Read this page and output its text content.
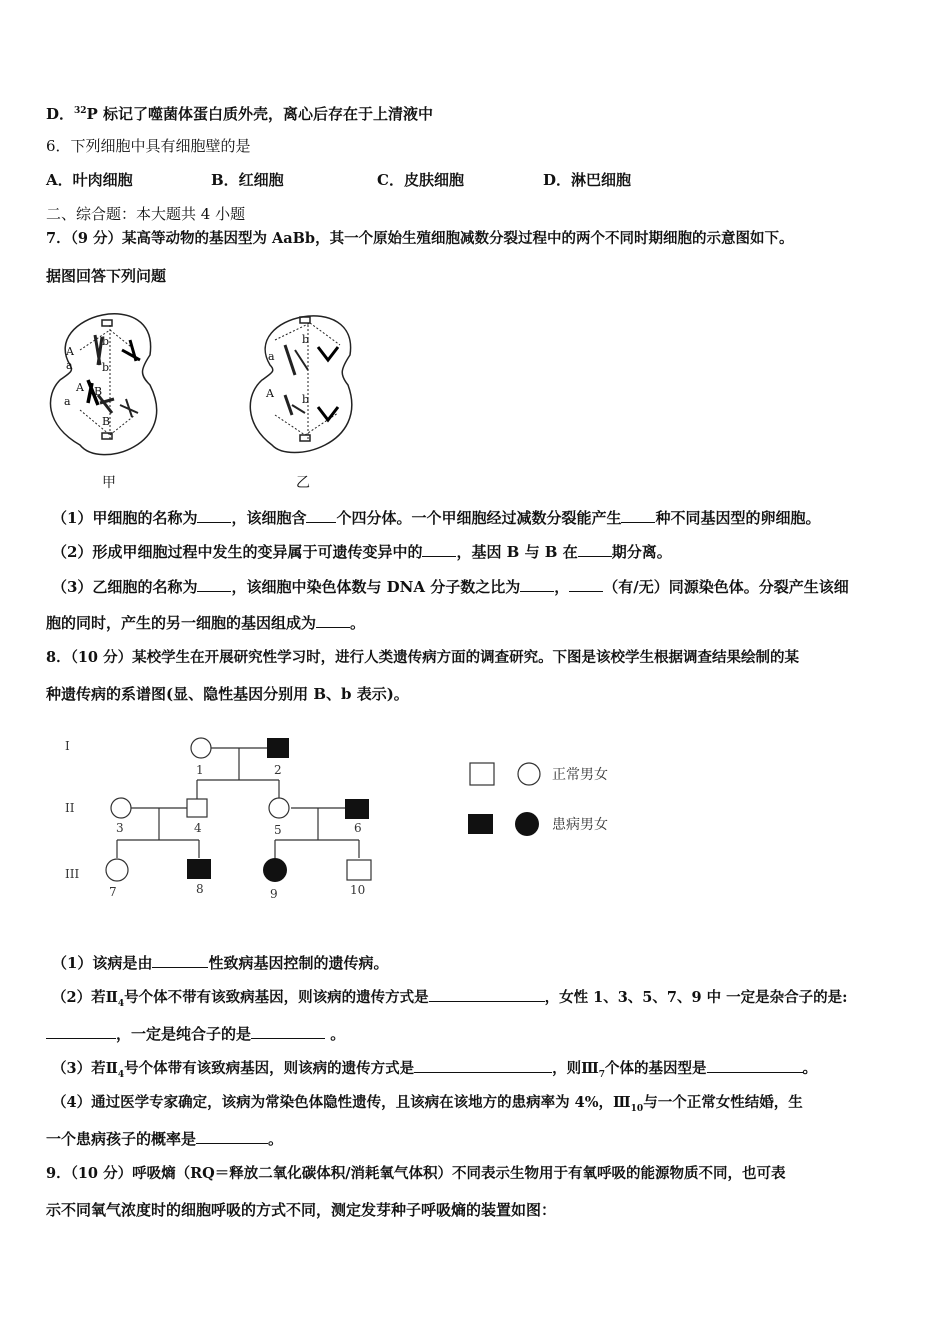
D．$^{32}$P 标记了噬菌体蛋白质外壳，离心后存在于上清液中
6．下列细胞中具有细胞壁的是
A．叶肉细胞	B．红细胞	C．皮肤细胞	D．淋巴细胞
二、综合题：本大题共 4 小题
7．（9 分）某高等动物的基因型为 AaBb，其一个原始生殖细胞减数分裂过程中的两个不同时期细胞的示意图如下。
据图回答下列问题
A
a
A
a
b
b
B
B
甲
a
A
b
b
乙
（1）甲细胞的名称为 ，该细胞含 个四分体。一个甲细胞经过减数分裂能产生 种不同基因型的卵细胞。
（2）形成甲细胞过程中发生的变异属于可遗传变异中的 ，基因 B 与 B 在 期分离。
（3）乙细胞的名称为 ，该细胞中染色体数与 DNA 分子数之比为 ， （有/无）同源染色体。分裂产生该细
胞的同时，产生的另一细胞的基因组成为 。
8．（10 分）某校学生在开展研究性学习时，进行人类遗传病方面的调查研究。下图是该校学生根据调查结果绘制的某
种遗传病的系谱图(显、隐性基因分别用 B、b 表示)。
I
II
III
1	2
3	4	5	6
7	8	9	10
正常男女
患病男女
（1）该病是由	性致病基因控制的遗传病。
（2）若$Ⅱ_4$号个体不带有该致病基因，则该病的遗传方式是	，女性 1、3、5、7、9 中 一定是杂合子的是:
，一定是纯合子的是	。
（3）若$Ⅱ_4$号个体带有该致病基因，则该病的遗传方式是	，则$Ⅲ_7$个体的基因型是	。
（4）通过医学专家确定，该病为常染色体隐性遗传，且该病在该地方的患病率为 4%，$Ⅲ_{10}$与一个正常女性结婚，生
一个患病孩子的概率是	。
9．（10 分）呼吸熵（RQ＝释放二氧化碳体积/消耗氧气体积）不同表示生物用于有氧呼吸的能源物质不同，也可表
示不同氧气浓度时的细胞呼吸的方式不同，测定发芽种子呼吸熵的装置如图：
